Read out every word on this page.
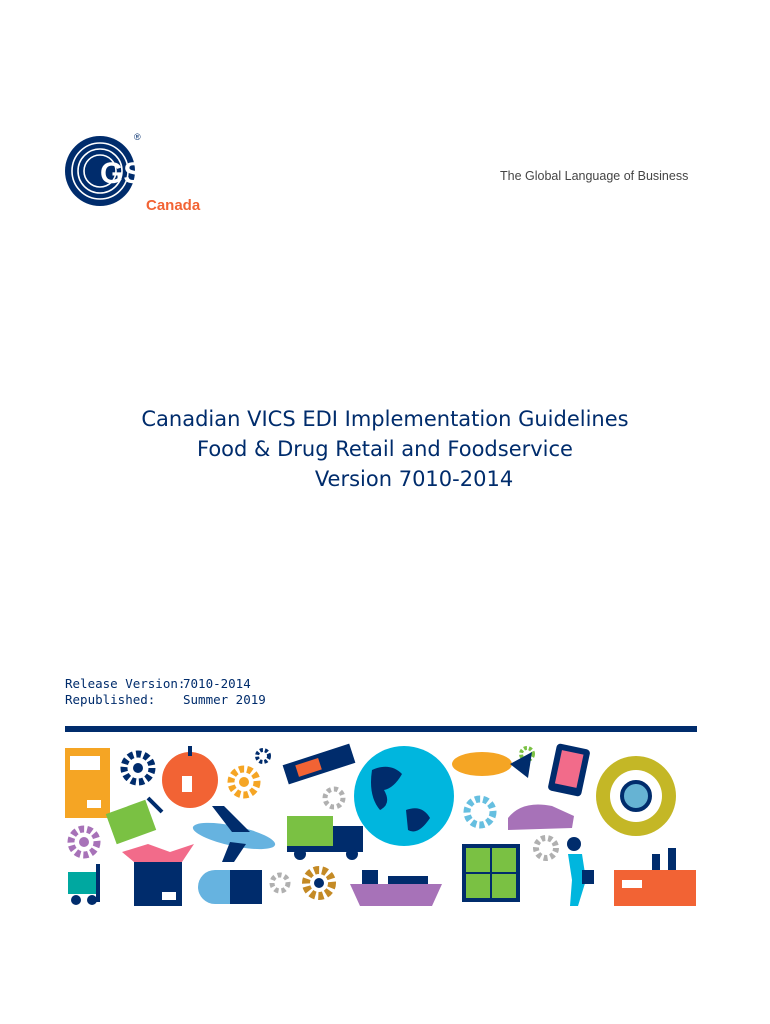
GS1
®
Canada
The Global Language of Business
Canadian VICS EDI Implementation Guidelines
Food & Drug Retail and Foodservice
Version 7010-2014
Release Version:
7010-2014
Republished:	Summer 2019
